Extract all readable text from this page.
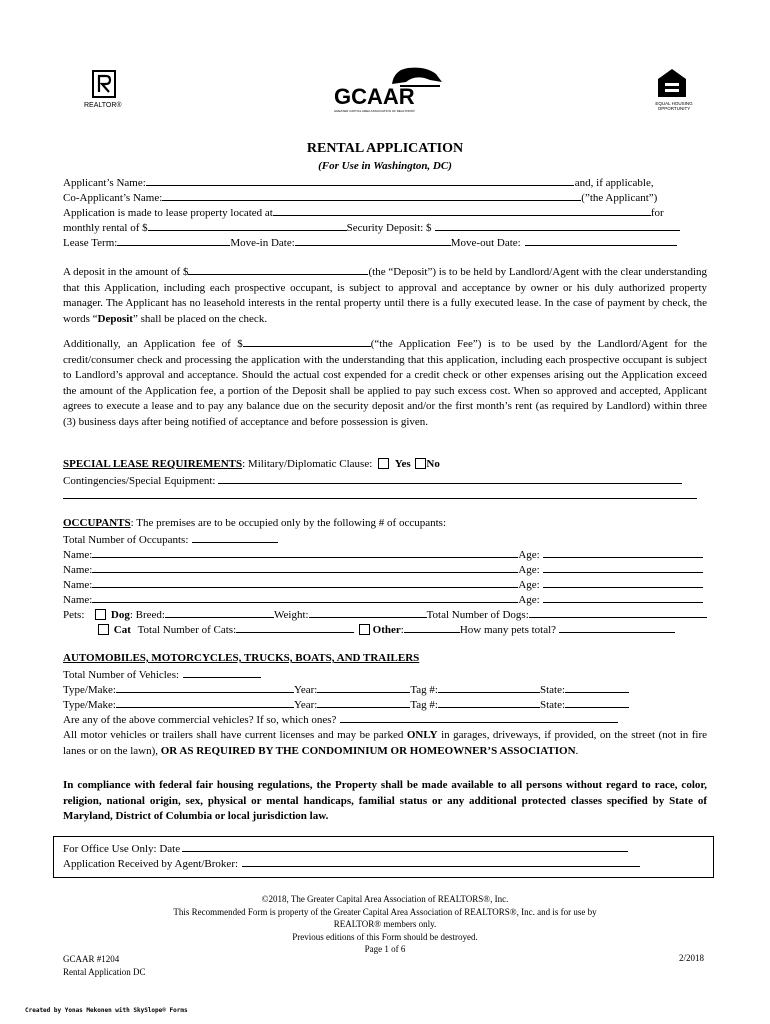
REALTOR®	GCAAR
GREATER CAPITAL AREA ASSOCIATION OF REALTORS®
EQUAL HOUSING OPPORTUNITY
RENTAL APPLICATION
(For Use in Washington, DC)
Applicant’s Name:	and, if applicable,
Co-Applicant’s Name:	(”the Applicant”)
Application is made to lease property located at	for
monthly rental of $	Security Deposit: $
Lease Term:	Move-in Date:	Move-out Date:
A deposit in the amount of $	(the “Deposit”) is to be held by Landlord/Agent with the clear understanding that this Application, including each prospective occupant, is subject to approval and acceptance by owner or his duly authorized property manager. The Applicant has no leasehold interests in the rental property until there is a fully executed lease. In the case of payment by check, the words “Deposit” shall be placed on the check.
Additionally, an Application fee of $	(“the Application Fee”) is to be used by the Landlord/Agent for the credit/consumer check and processing the application with the understanding that this application, including each prospective occupant is subject to Landlord’s approval and acceptance. Should the actual cost expended for a credit check or other expenses arising out the Application exceed the amount of the Application fee, a portion of the Deposit shall be applied to pay such excess cost. When so approved and accepted, Applicant agrees to execute a lease and to pay any balance due on the security deposit and/or the first month’s rent (as required by Landlord) within three (3) business days after being notified of acceptance and before possession is given.
SPECIAL LEASE REQUIREMENTS: Military/Diplomatic Clause: Yes No
Contingencies/Special Equipment:
OCCUPANTS: The premises are to be occupied only by the following # of occupants:
Total Number of Occupants:
Name:	Age:
Name:	Age:
Name:	Age:
Name:	Age:
Pets: Dog: Breed:	Weight:	Total Number of Dogs:
Cat Total Number of Cats:	Other:	How many pets total?
AUTOMOBILES, MOTORCYCLES, TRUCKS, BOATS, AND TRAILERS
Total Number of Vehicles:
Type/Make:	Year:	Tag #:	State:
Type/Make:	Year:	Tag #:	State:
Are any of the above commercial vehicles? If so, which ones?
All motor vehicles or trailers shall have current licenses and may be parked ONLY in garages, driveways, if provided, on the street (not in fire lanes or on the lawn), OR AS REQUIRED BY THE CONDOMINIUM OR HOMEOWNER’S ASSOCIATION.
In compliance with federal fair housing regulations, the Property shall be made available to all persons without regard to race, color, religion, national origin, sex, physical or mental handicaps, familial status or any additional protected classes specified by State of Maryland, District of Columbia or local jurisdiction law.
For Office Use Only: Date
Application Received by Agent/Broker:
©2018, The Greater Capital Area Association of REALTORS®, Inc.
This Recommended Form is property of the Greater Capital Area Association of REALTORS®, Inc. and is for use by
REALTOR® members only.
Previous editions of this Form should be destroyed.
Page 1 of 6
GCAAR #1204
Rental Application DC
2/2018
Created by Yonas Mekonen with SkySlope® Forms
